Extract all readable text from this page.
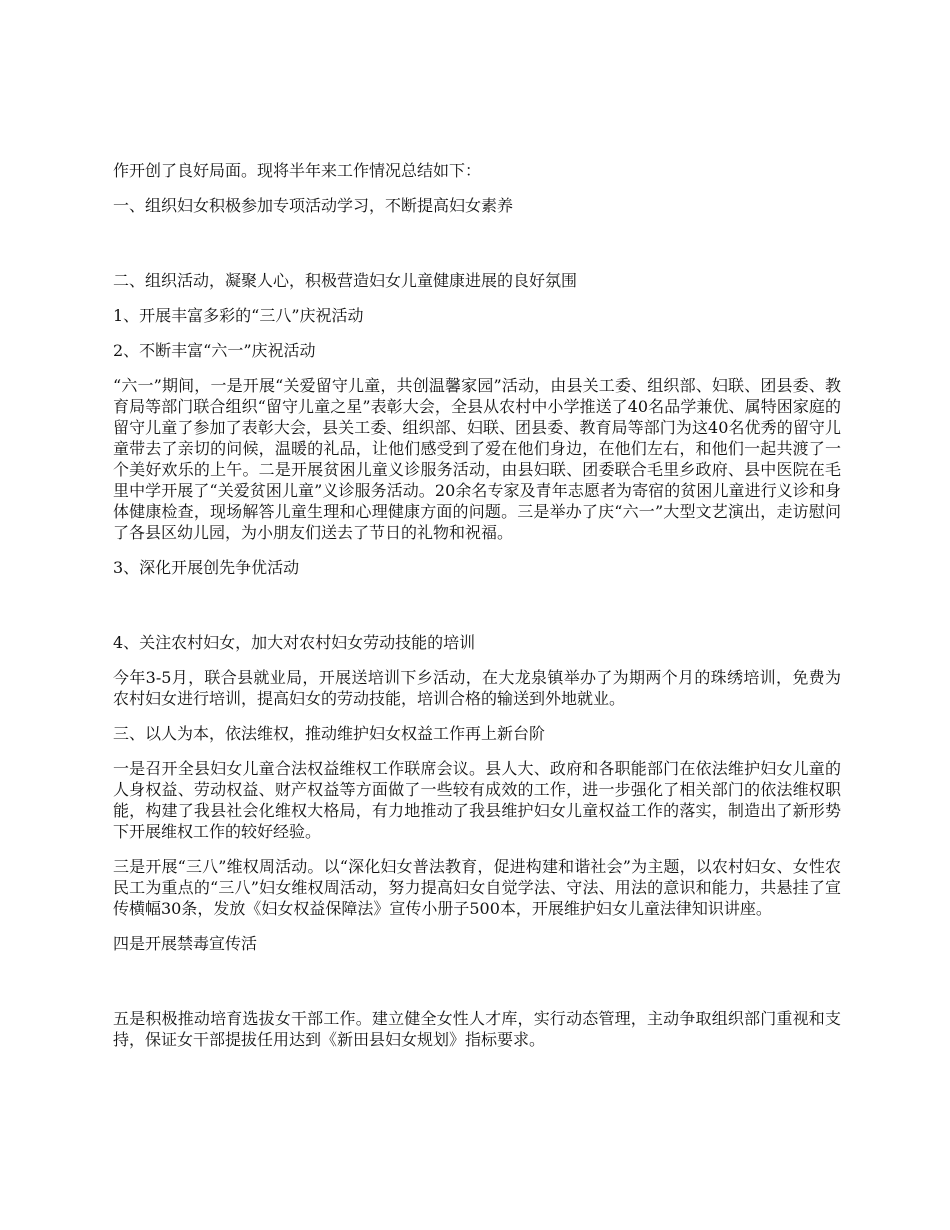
作开创了良好局面。现将半年来工作情况总结如下：

一、组织妇女积极参加专项活动学习，不断提高妇女素养

二、组织活动，凝聚人心，积极营造妇女儿童健康进展的良好氛围

1、开展丰富多彩的“三八”庆祝活动

2、不断丰富“六一”庆祝活动

“六一”期间，一是开展“关爱留守儿童，共创温馨家园”活动，由县关工委、组织部、妇联、团县委、教育局等部门联合组织“留守儿童之星”表彰大会，全县从农村中小学推送了40名品学兼优、属特困家庭的留守儿童了参加了表彰大会，县关工委、组织部、妇联、团县委、教育局等部门为这40名优秀的留守儿童带去了亲切的问候，温暖的礼品，让他们感受到了爱在他们身边，在他们左右，和他们一起共渡了一个美好欢乐的上午。二是开展贫困儿童义诊服务活动，由县妇联、团委联合毛里乡政府、县中医院在毛里中学开展了“关爱贫困儿童”义诊服务活动。20余名专家及青年志愿者为寄宿的贫困儿童进行义诊和身体健康检查，现场解答儿童生理和心理健康方面的问题。三是举办了庆“六一”大型文艺演出，走访慰问了各县区幼儿园，为小朋友们送去了节日的礼物和祝福。

3、深化开展创先争优活动

4、关注农村妇女，加大对农村妇女劳动技能的培训

今年3-5月，联合县就业局，开展送培训下乡活动，在大龙泉镇举办了为期两个月的珠绣培训，免费为农村妇女进行培训，提高妇女的劳动技能，培训合格的输送到外地就业。

三、以人为本，依法维权，推动维护妇女权益工作再上新台阶

一是召开全县妇女儿童合法权益维权工作联席会议。县人大、政府和各职能部门在依法维护妇女儿童的人身权益、劳动权益、财产权益等方面做了一些较有成效的工作，进一步强化了相关部门的依法维权职能，构建了我县社会化维权大格局，有力地推动了我县维护妇女儿童权益工作的落实，制造出了新形势下开展维权工作的较好经验。

三是开展“三八”维权周活动。以“深化妇女普法教育，促进构建和谐社会”为主题，以农村妇女、女性农民工为重点的“三八”妇女维权周活动，努力提高妇女自觉学法、守法、用法的意识和能力，共悬挂了宣传横幅30条，发放《妇女权益保障法》宣传小册子500本，开展维护妇女儿童法律知识讲座。

四是开展禁毒宣传活

五是积极推动培育选拔女干部工作。建立健全女性人才库，实行动态管理，主动争取组织部门重视和支持，保证女干部提拔任用达到《新田县妇女规划》指标要求。
